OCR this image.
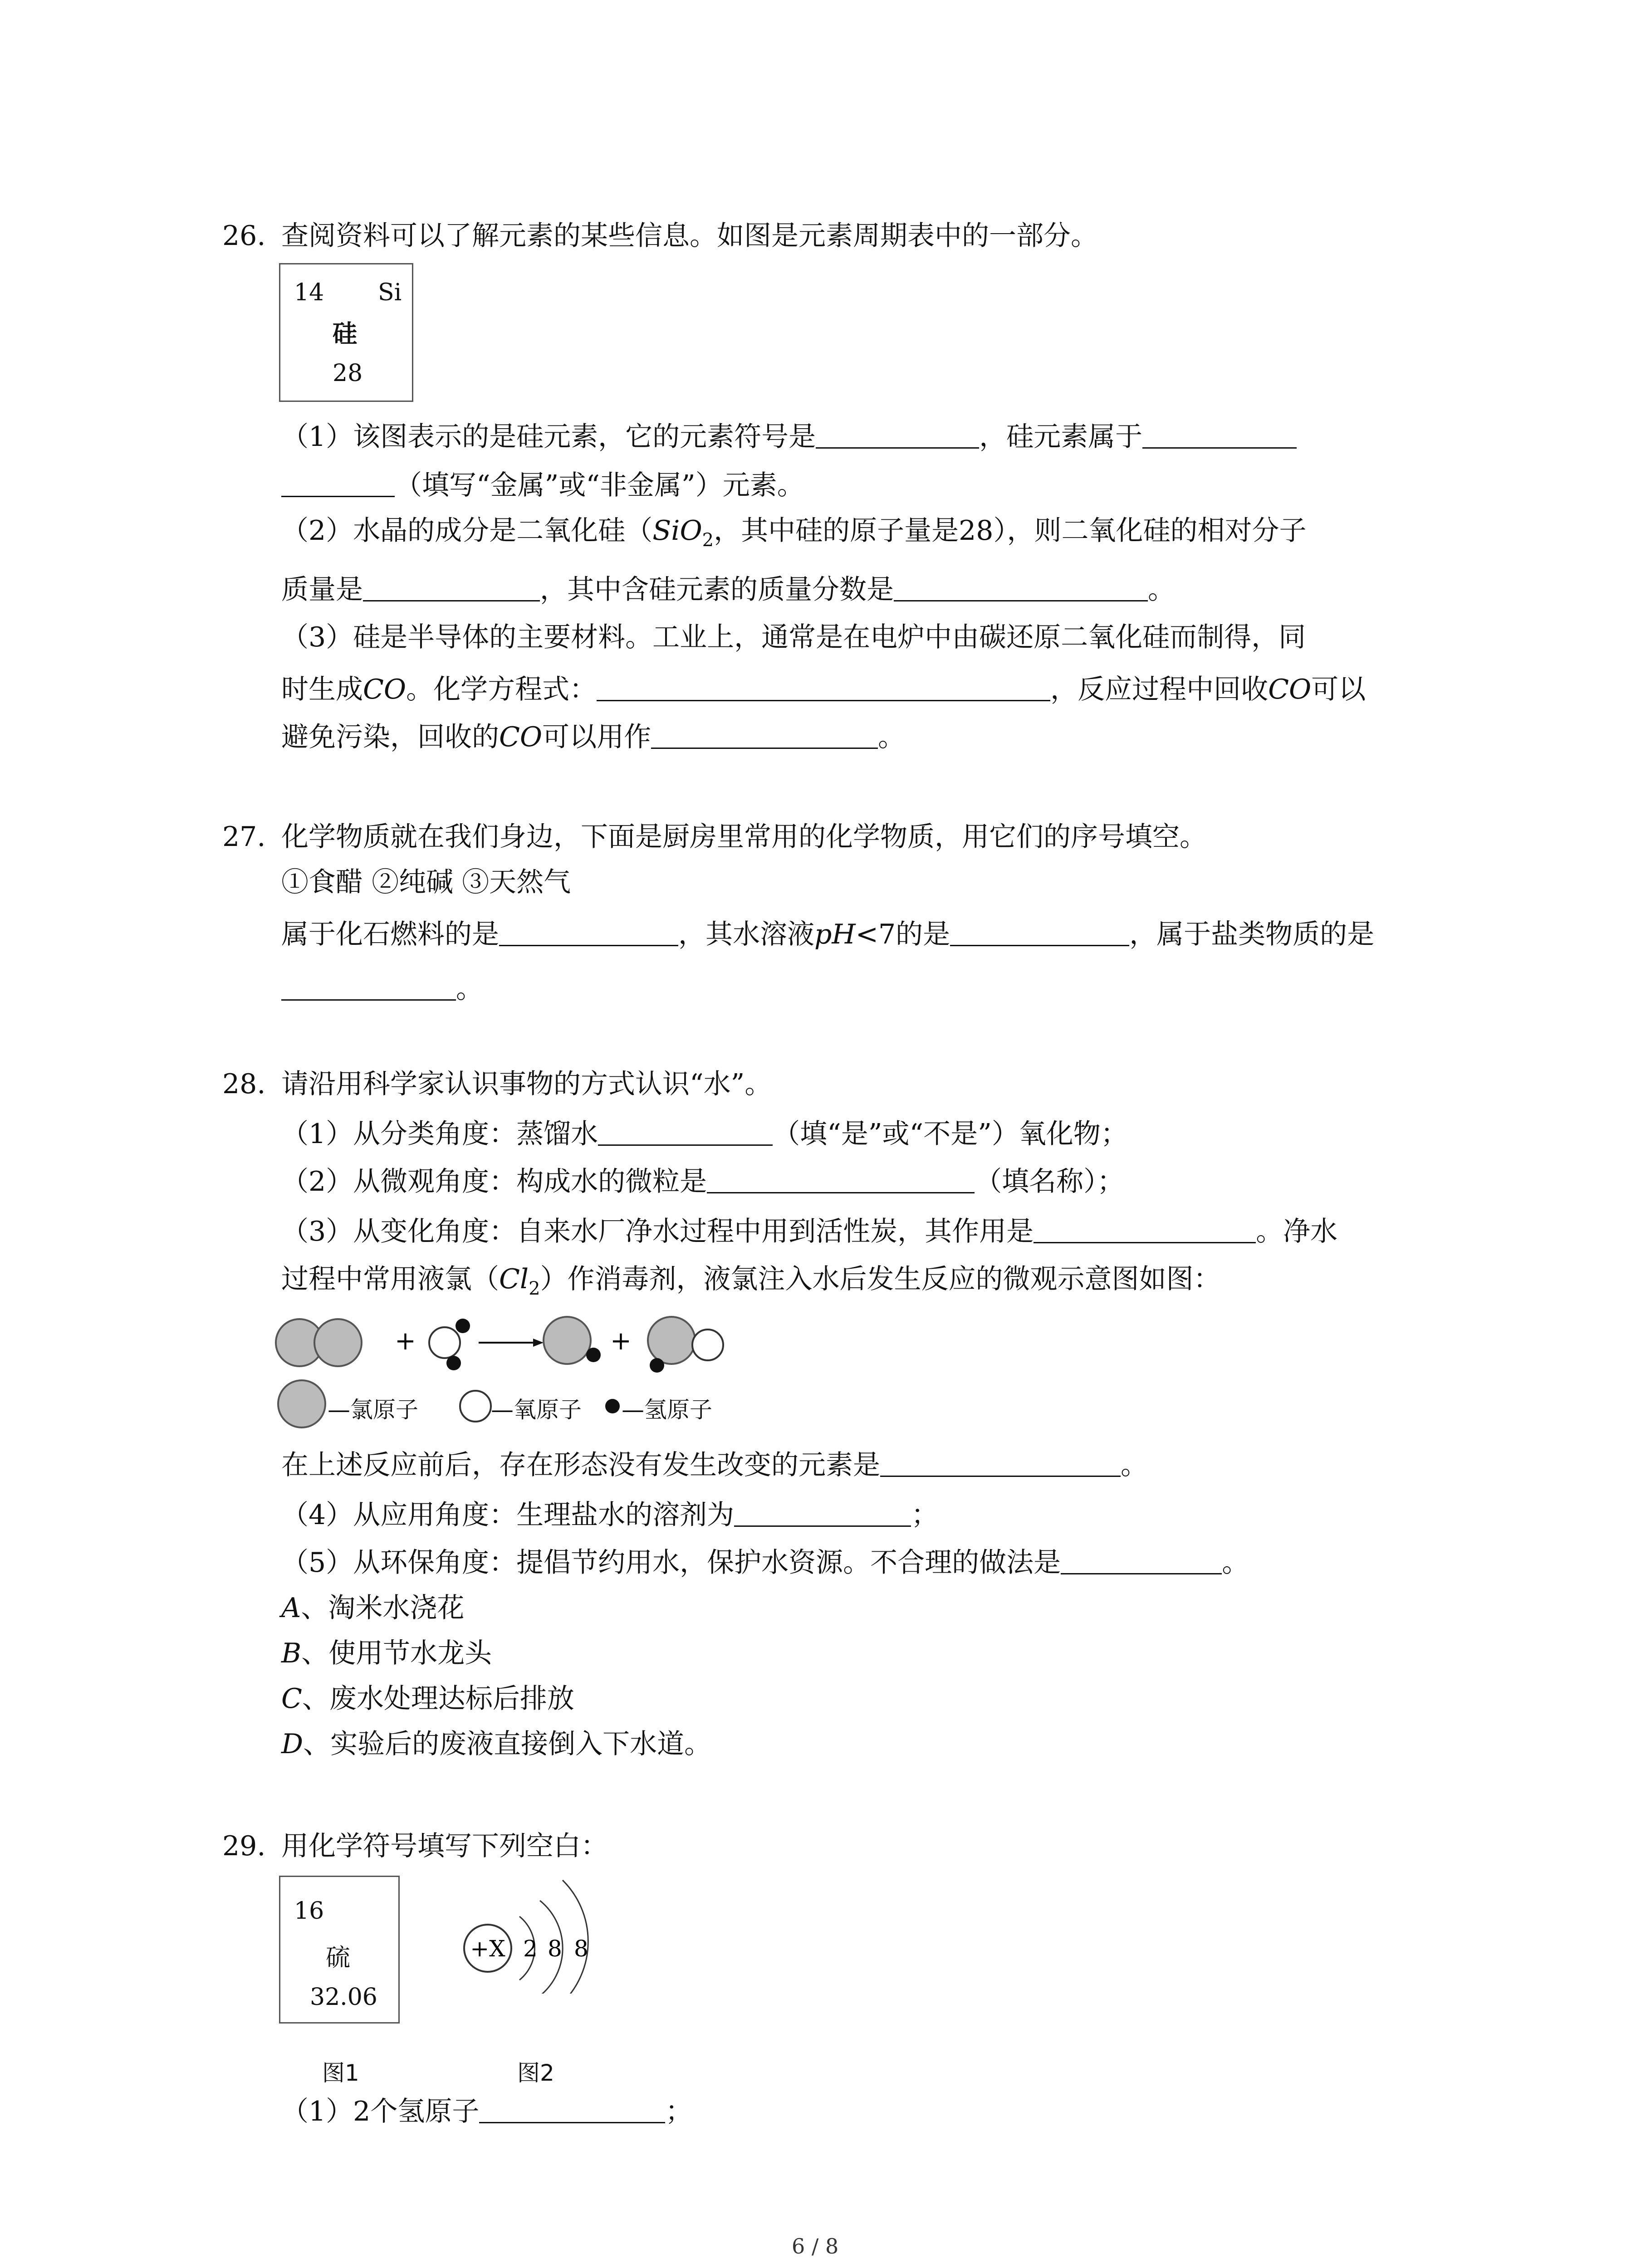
26. 查阅资料可以了解元素的某些信息。如图是元素周期表中的一部分。
14 Si
硅
28
（1）该图表示的是硅元素，它的元素符号是	，硅元素属于
（填写“金属”或“非金属”）元素。
（2）水晶的成分是二氧化硅（SiO$_2$，其中硅的原子量是28），则二氧化硅的相对分子
质量是	，其中含硅元素的质量分数是	。
（3）硅是半导体的主要材料。工业上，通常是在电炉中由碳还原二氧化硅而制得，同
时生成CO。化学方程式：	，反应过程中回收CO可以
避免污染，回收的CO可以用作	。
27. 化学物质就在我们身边，下面是厨房里常用的化学物质，用它们的序号填空。
①食醋 ②纯碱 ③天然气
属于化石燃料的是	，其水溶液pH<7的是	，属于盐类物质的是
。
28. 请沿用科学家认识事物的方式认识“水”。
（1）从分类角度：蒸馏水	（填“是”或“不是”）氧化物；
（2）从微观角度：构成水的微粒是	（填名称）；
（3）从变化角度：自来水厂净水过程中用到活性炭，其作用是	。净水
过程中常用液氯$(Cl_2)$作消毒剂，液氯注入水后发生反应的微观示意图如图：
+	+
—氯原子	—氧原子 —氢原子
在上述反应前后，存在形态没有发生改变的元素是	。
（4）从应用角度：生理盐水的溶剂为	；
（5）从环保角度：提倡节约用水，保护水资源。不合理的做法是	。
A、淘米水浇花
B、使用节水龙头
C、废水处理达标后排放
D、实验后的废液直接倒入下水道。
29. 用化学符号填写下列空白：
16
硫
32.06
+X 2 8 8
图1	图2
（1）2个氢原子	；
6 / 8
